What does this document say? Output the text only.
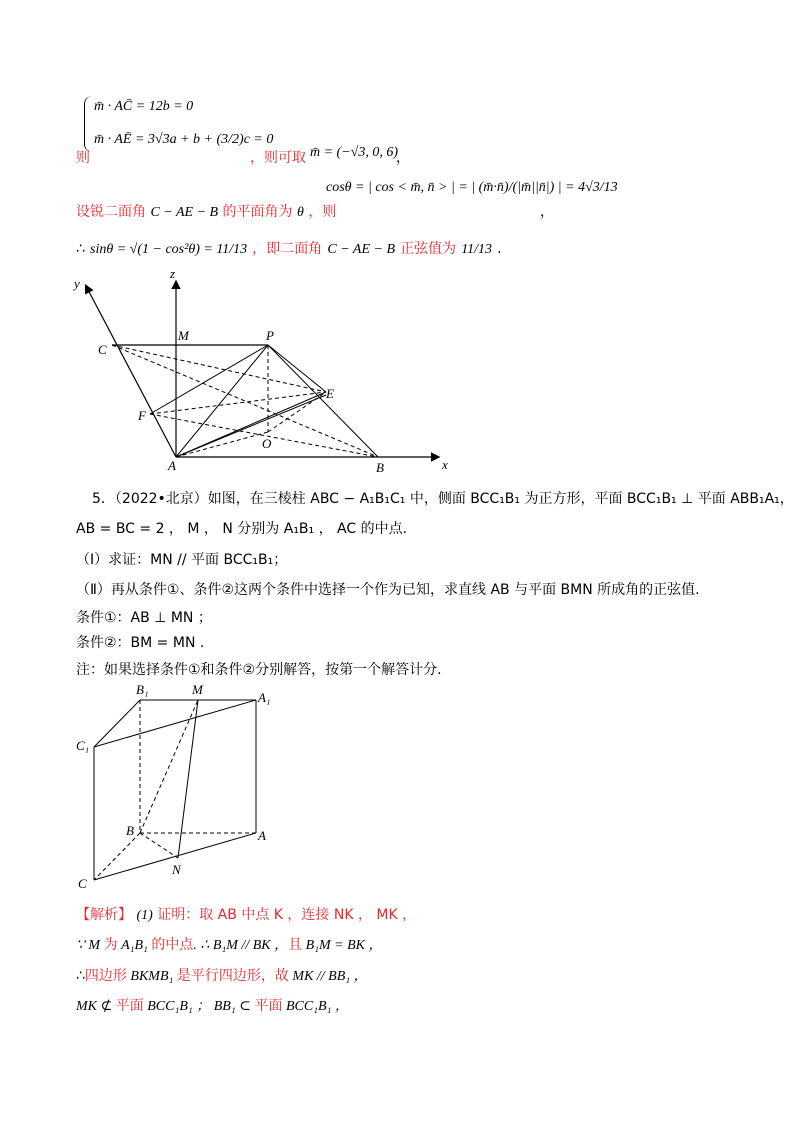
m̄ · AC̄ = 12b = 0
m̄ · AĒ = 3√3a + b + (3/2)c = 0
则	，则可取 m̄ = (−√3, 0, 6)
，
cosθ = | cos < m̄, n̄ > | = | (m̄·n̄)/(|m̄||n̄|) | = 4√3/13
设锐二面角 C − AE − B 的平面角为 θ ，则	，
∴ sinθ = √(1 − cos²θ) = 11/13 ，即二面角 C − AE − B 正弦值为 11/13 .
y
z
x
M	P
C
E
F
O
A	B
5．（2022•北京）如图，在三棱柱 ABC − A₁B₁C₁ 中，侧面 BCC₁B₁ 为正方形，平面 BCC₁B₁ ⊥ 平面 ABB₁A₁，
AB = BC = 2 ， M ， N 分别为 A₁B₁ ， AC 的中点.
（Ⅰ）求证：MN // 平面 BCC₁B₁；
（Ⅱ）再从条件①、条件②这两个条件中选择一个作为已知，求直线 AB 与平面 BMN 所成角的正弦值.
条件①：AB ⊥ MN ；
条件②：BM = MN .
注：如果选择条件①和条件②分别解答，按第一个解答计分.
B₁	M
A₁
C₁
B	A
N
C
【解析】 (1) 证明：取 AB 中点 K ，连接 NK ， MK ，
∵ M 为 A₁B₁ 的中点. ∴ B₁M // BK ，且 B₁M = BK ，
∴四边形 BKMB₁ 是平行四边形，故 MK // BB₁ ，
MK ⊄ 平面 BCC₁B₁ ； BB₁ ⊂ 平面 BCC₁B₁ ，
